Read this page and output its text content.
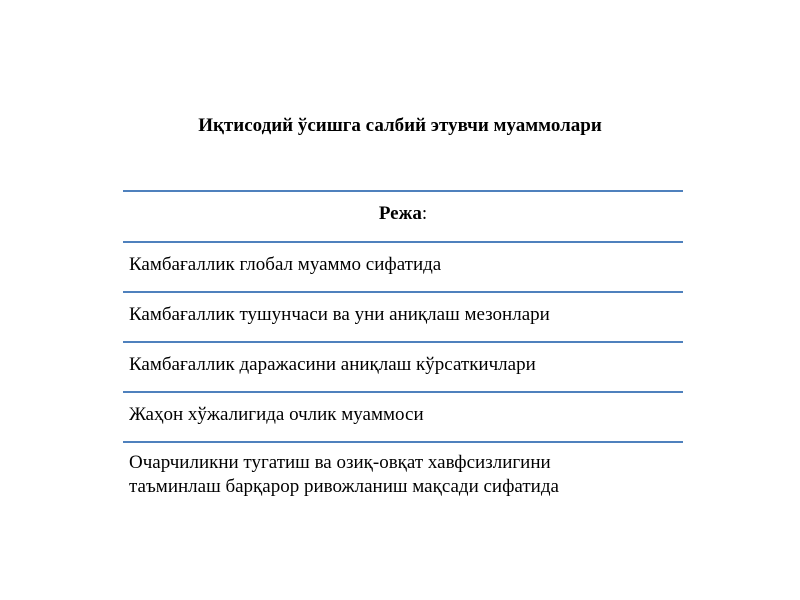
Иқтисодий ўсишга салбий этувчи муаммолари
Режа:
Камбағаллик глобал муаммо сифатида
Камбағаллик тушунчаси ва уни аниқлаш мезонлари
Камбағаллик даражасини аниқлаш кўрсаткичлари
Жаҳон хўжалигида очлик муаммоси
Очарчиликни тугатиш ва озиқ-овқат хавфсизлигини
таъминлаш барқарор ривожланиш мақсади сифатида
